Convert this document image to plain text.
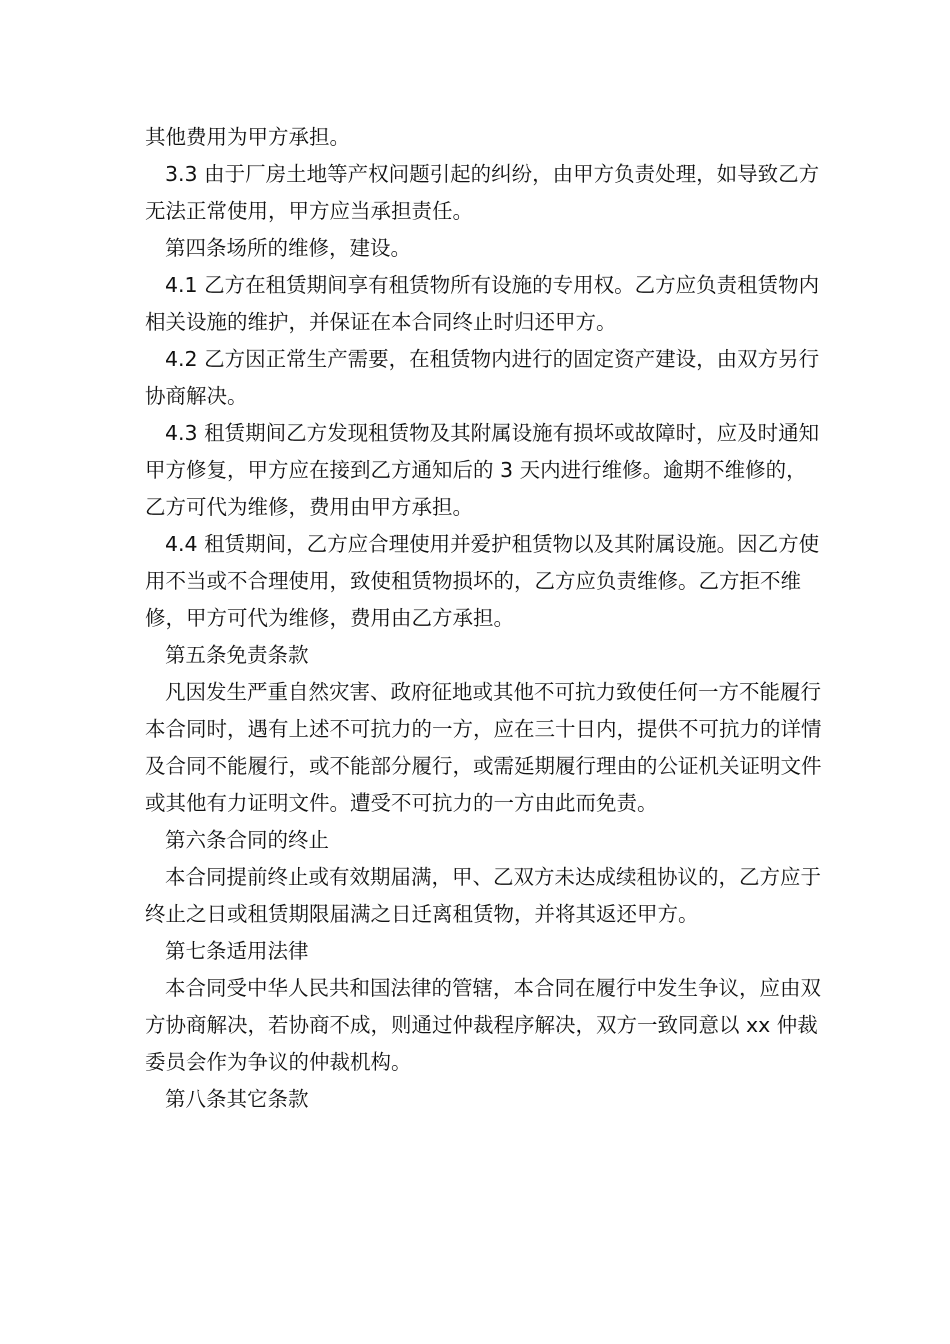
其他费用为甲方承担。

3.3 由于厂房土地等产权问题引起的纠纷，由甲方负责处理，如导致乙方无法正常使用，甲方应当承担责任。

第四条场所的维修，建设。

4.1 乙方在租赁期间享有租赁物所有设施的专用权。乙方应负责租赁物内相关设施的维护，并保证在本合同终止时归还甲方。

4.2 乙方因正常生产需要，在租赁物内进行的固定资产建设，由双方另行协商解决。

4.3 租赁期间乙方发现租赁物及其附属设施有损坏或故障时，应及时通知甲方修复，甲方应在接到乙方通知后的 3 天内进行维修。逾期不维修的，乙方可代为维修，费用由甲方承担。

4.4 租赁期间，乙方应合理使用并爱护租赁物以及其附属设施。因乙方使用不当或不合理使用，致使租赁物损坏的，乙方应负责维修。乙方拒不维修，甲方可代为维修，费用由乙方承担。

第五条免责条款

凡因发生严重自然灾害、政府征地或其他不可抗力致使任何一方不能履行本合同时，遇有上述不可抗力的一方，应在三十日内，提供不可抗力的详情及合同不能履行，或不能部分履行，或需延期履行理由的公证机关证明文件或其他有力证明文件。遭受不可抗力的一方由此而免责。

第六条合同的终止

本合同提前终止或有效期届满，甲、乙双方未达成续租协议的，乙方应于终止之日或租赁期限届满之日迁离租赁物，并将其返还甲方。

第七条适用法律

本合同受中华人民共和国法律的管辖，本合同在履行中发生争议，应由双方协商解决，若协商不成，则通过仲裁程序解决，双方一致同意以 xx 仲裁委员会作为争议的仲裁机构。

第八条其它条款
